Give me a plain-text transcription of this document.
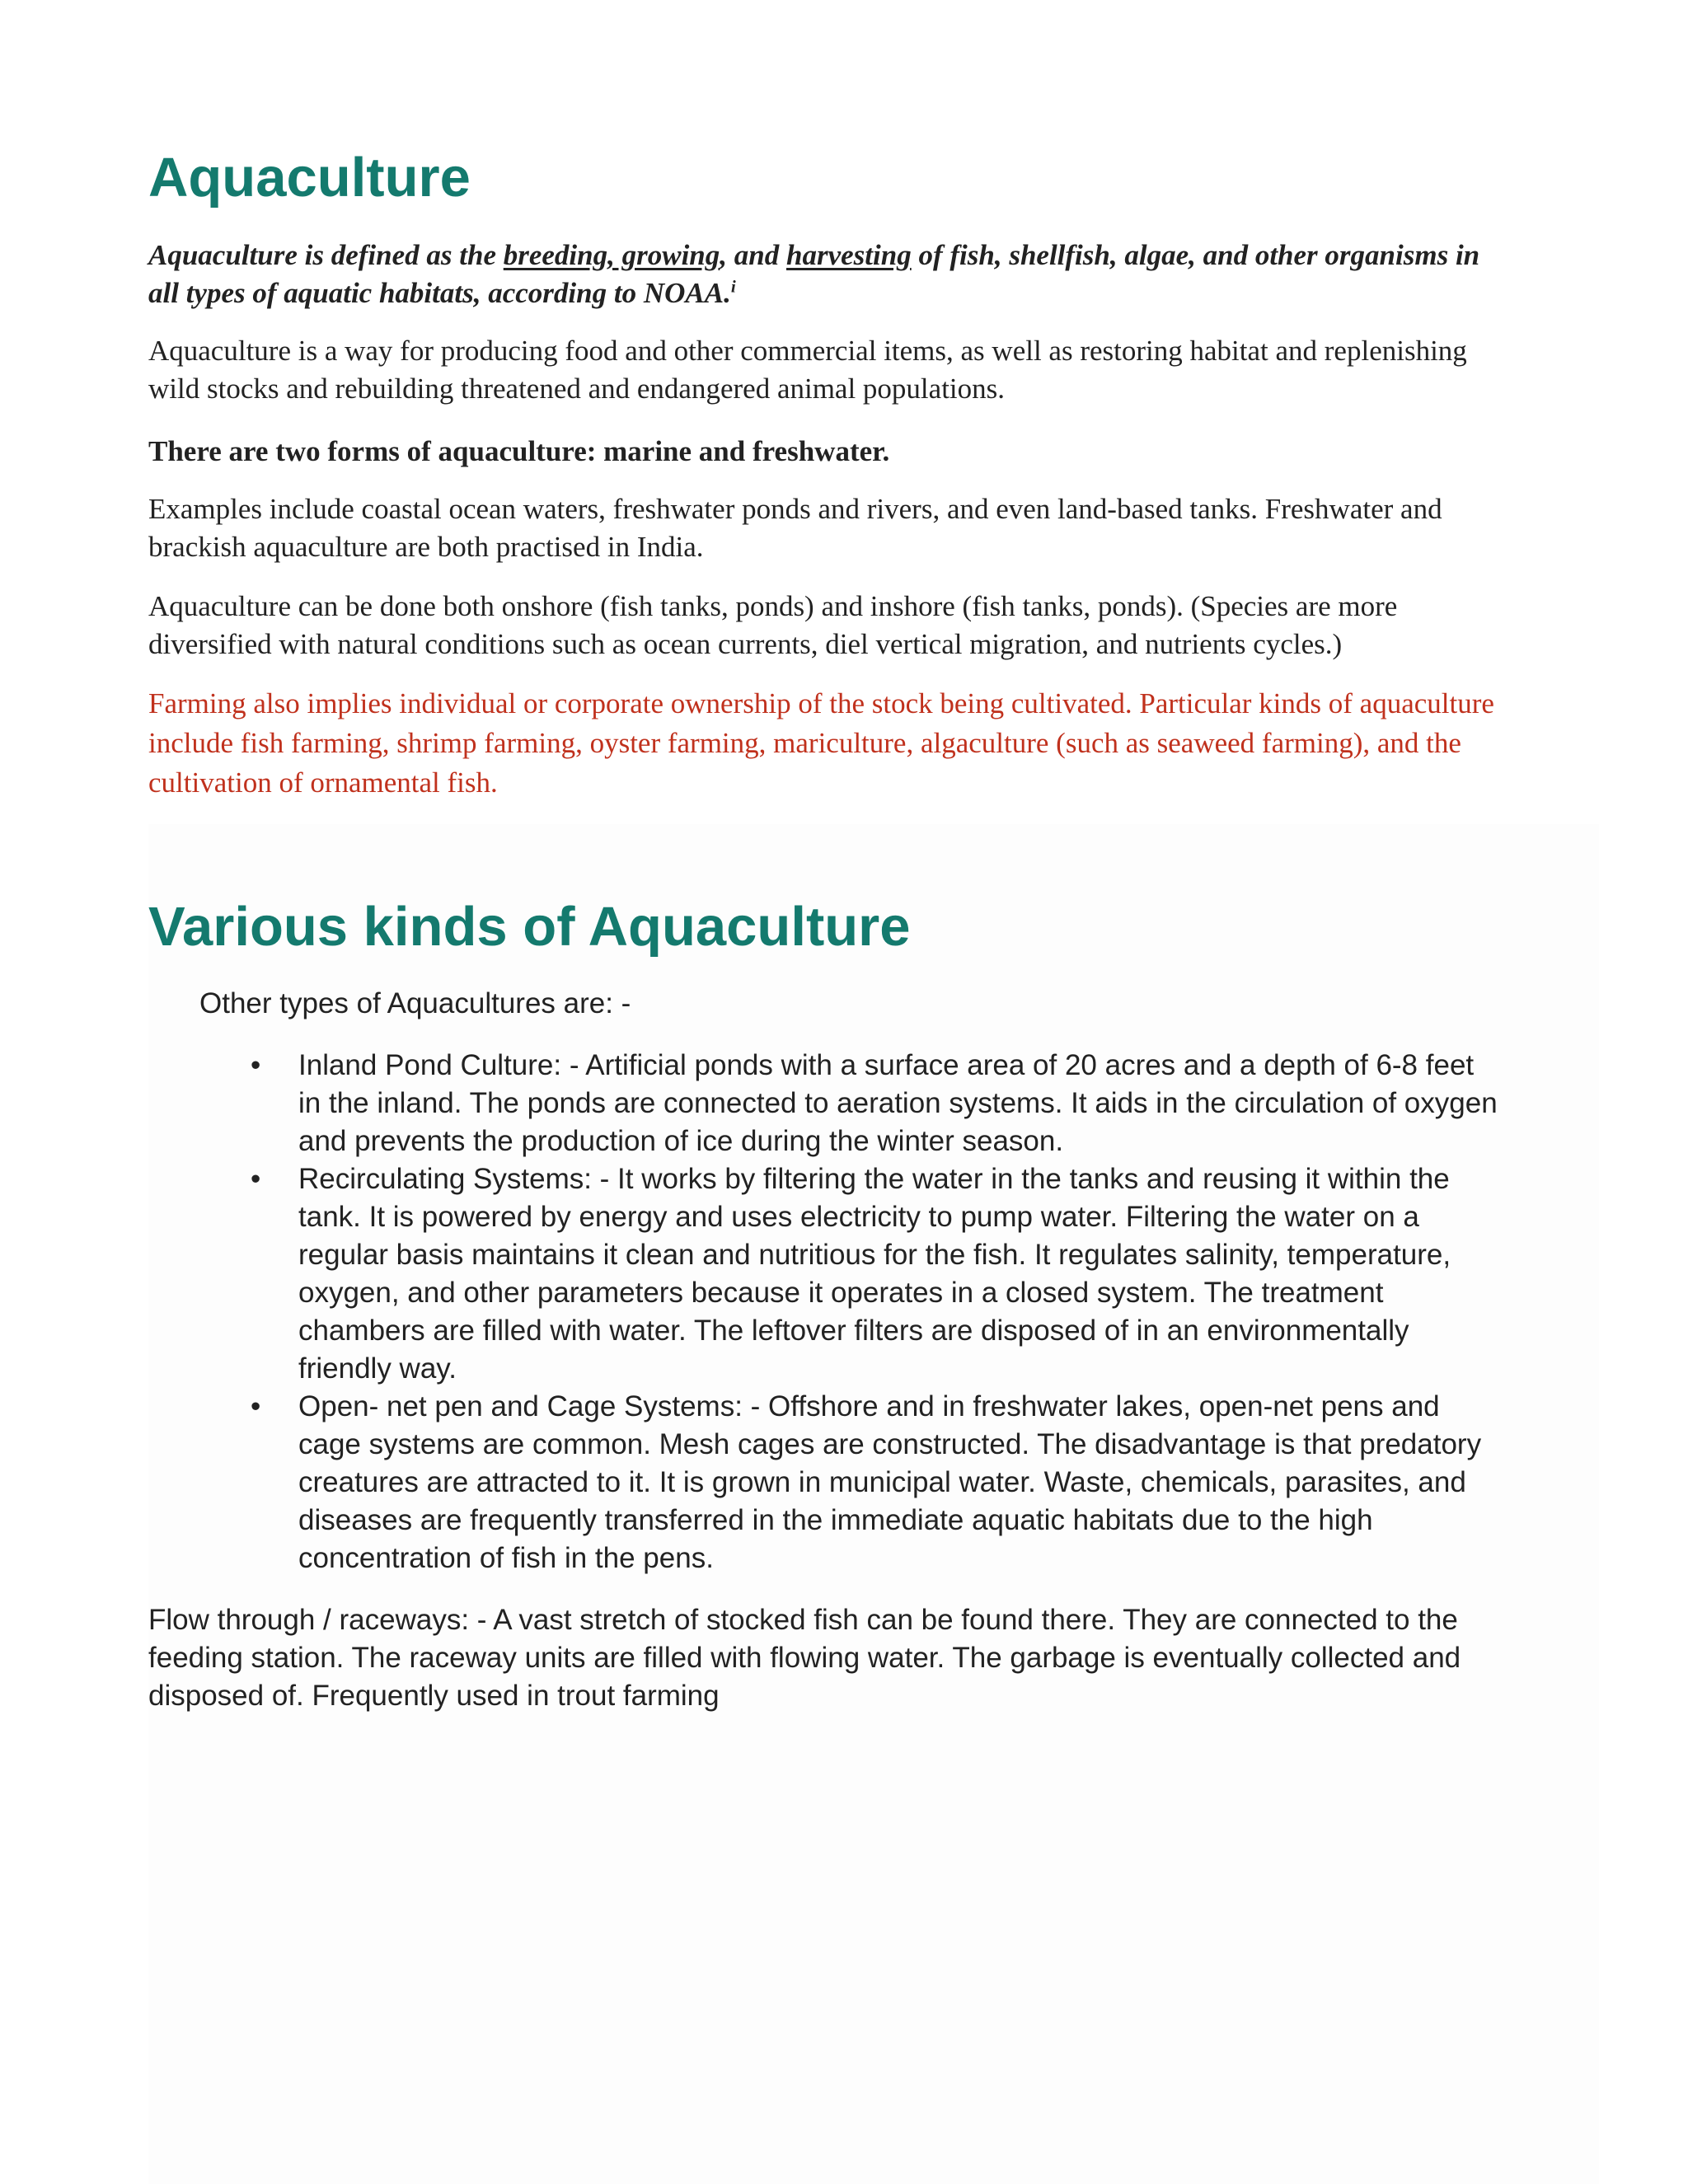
Aquaculture

Aquaculture is defined as the breeding, growing, and harvesting of fish, shellfish, algae, and other organisms in all types of aquatic habitats, according to NOAA.$^i$

Aquaculture is a way for producing food and other commercial items, as well as restoring habitat and replenishing wild stocks and rebuilding threatened and endangered animal populations.

There are two forms of aquaculture: marine and freshwater.

Examples include coastal ocean waters, freshwater ponds and rivers, and even land-based tanks. Freshwater and brackish aquaculture are both practised in India.

Aquaculture can be done both onshore (fish tanks, ponds) and inshore (fish tanks, ponds). (Species are more diversified with natural conditions such as ocean currents, diel vertical migration, and nutrients cycles.)

Farming also implies individual or corporate ownership of the stock being cultivated. Particular kinds of aquaculture include fish farming, shrimp farming, oyster farming, mariculture, algaculture (such as seaweed farming), and the cultivation of ornamental fish.

Various kinds of Aquaculture

Other types of Aquacultures are: -

• Inland Pond Culture: - Artificial ponds with a surface area of 20 acres and a depth of 6-8 feet in the inland. The ponds are connected to aeration systems. It aids in the circulation of oxygen and prevents the production of ice during the winter season.
• Recirculating Systems: - It works by filtering the water in the tanks and reusing it within the tank. It is powered by energy and uses electricity to pump water. Filtering the water on a regular basis maintains it clean and nutritious for the fish. It regulates salinity, temperature, oxygen, and other parameters because it operates in a closed system. The treatment chambers are filled with water. The leftover filters are disposed of in an environmentally friendly way.
• Open- net pen and Cage Systems: - Offshore and in freshwater lakes, open-net pens and cage systems are common. Mesh cages are constructed. The disadvantage is that predatory creatures are attracted to it. It is grown in municipal water. Waste, chemicals, parasites, and diseases are frequently transferred in the immediate aquatic habitats due to the high concentration of fish in the pens.

Flow through / raceways: - A vast stretch of stocked fish can be found there. They are connected to the feeding station. The raceway units are filled with flowing water. The garbage is eventually collected and disposed of. Frequently used in trout farming
